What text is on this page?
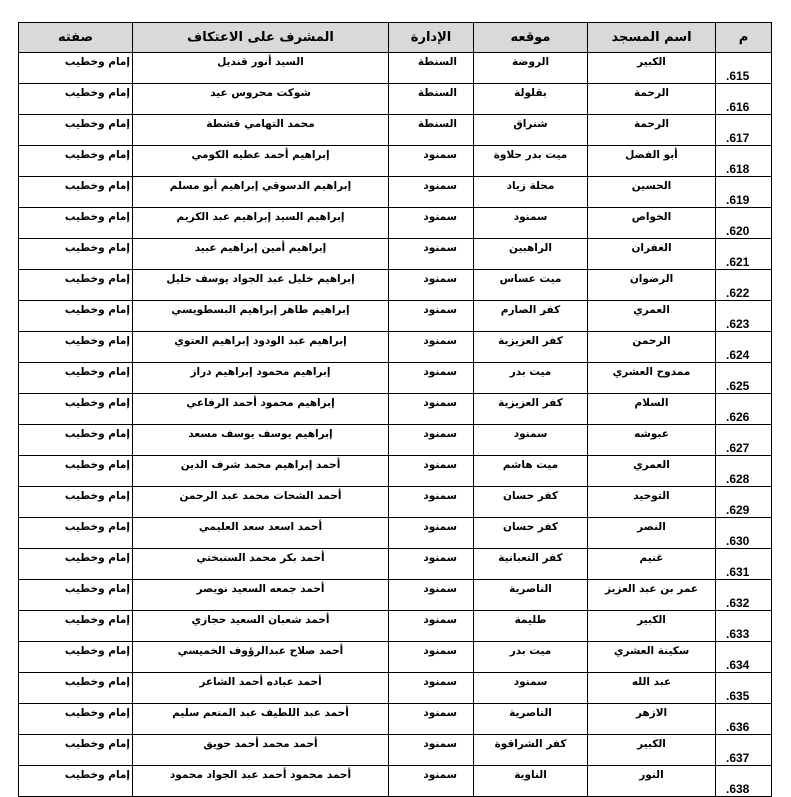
م	اسم المسجد	موقعه	الإدارة	المشرف على الاعتكاف	صفته
.615	الكبير	الروضة	السنطة	السيد أنور قنديل	إمام وخطيب
.616	الرحمة	بقلولة	السنطة	شوكت محروس عيد	إمام وخطيب
.617	الرحمة	شنراق	السنطة	محمد التهامي قشطة	إمام وخطيب
.618	أبو الفضل	ميت بدر حلاوة	سمنود	إبراهيم أحمد عطيه الكومي	إمام وخطيب
.619	الحسين	محلة زياد	سمنود	إبراهيم الدسوقي إبراهيم أبو مسلم	إمام وخطيب
.620	الخواص	سمنود	سمنود	إبراهيم السيد إبراهيم عبد الكريم	إمام وخطيب
.621	الغفران	الراهبين	سمنود	إبراهيم أمين إبراهيم عبيد	إمام وخطيب
.622	الرضوان	ميت عساس	سمنود	إبراهيم خليل عبد الجواد يوسف خليل	إمام وخطيب
.623	العمري	كفر الصارم	سمنود	إبراهيم طاهر إبراهيم البسطويسي	إمام وخطيب
.624	الرحمن	كفر العزيزية	سمنود	إبراهيم عبد الودود إبراهيم العتوي	إمام وخطيب
.625	ممدوح العشري	ميت بدر	سمنود	إبراهيم محمود إبراهيم دراز	إمام وخطيب
.626	السلام	كفر العزيزية	سمنود	إبراهيم محمود أحمد الرفاعي	إمام وخطيب
.627	عبوشه	سمنود	سمنود	إبراهيم يوسف يوسف مسعد	إمام وخطيب
.628	العمري	ميت هاشم	سمنود	أحمد إبراهيم محمد شرف الدين	إمام وخطيب
.629	التوحيد	كفر حسان	سمنود	أحمد الشحات محمد عبد الرحمن	إمام وخطيب
.630	النصر	كفر حسان	سمنود	أحمد اسعد سعد العليمي	إمام وخطيب
.631	غنيم	كفر التعبانية	سمنود	أحمد بكر محمد السنبختي	إمام وخطيب
.632	عمر بن عبد العزيز	الناصرية	سمنود	أحمد جمعه السعيد نويصر	إمام وخطيب
.633	الكبير	طليمة	سمنود	أحمد شعبان السعيد حجازي	إمام وخطيب
.634	سكينة العشري	ميت بدر	سمنود	أحمد صلاح عبدالرؤوف الخميسي	إمام وخطيب
.635	عبد الله	سمنود	سمنود	أحمد عباده أحمد الشاعر	إمام وخطيب
.636	الازهر	الناصرية	سمنود	أحمد عبد اللطيف عبد المنعم سليم	إمام وخطيب
.637	الكبير	كفر الشراقوة	سمنود	أحمد محمد أحمد حويق	إمام وخطيب
.638	النور	الناوية	سمنود	أحمد محمود أحمد عبد الجواد محمود	إمام وخطيب
